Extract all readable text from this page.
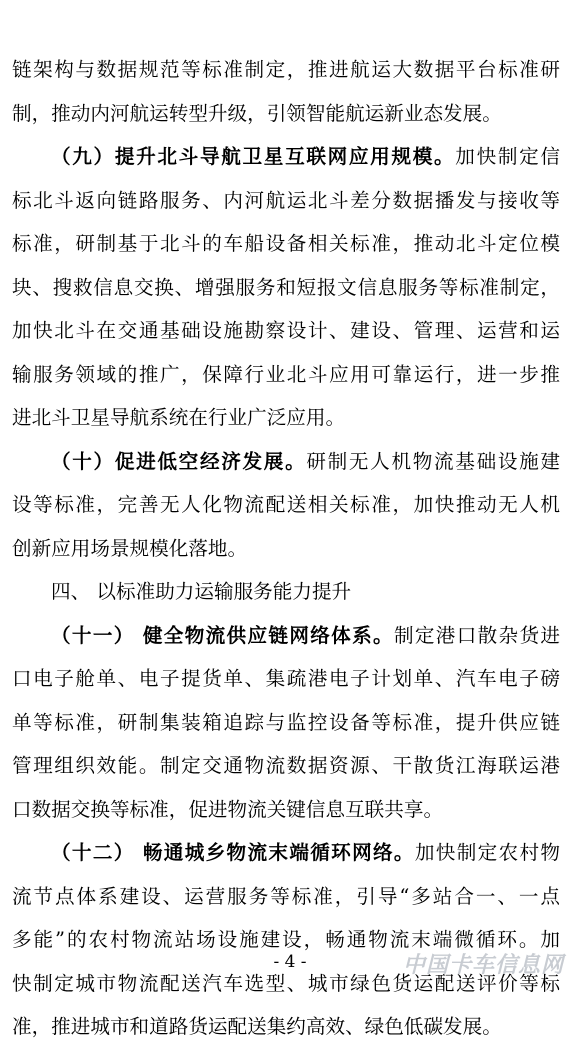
链架构与数据规范等标准制定，推进航运大数据平台标准研
制，推动内河航运转型升级，引领智能航运新业态发展。
（九）提升北斗导航卫星互联网应用规模。加快制定信
标北斗返向链路服务、内河航运北斗差分数据播发与接收等
标准，研制基于北斗的车船设备相关标准，推动北斗定位模
块、搜救信息交换、增强服务和短报文信息服务等标准制定，
加快北斗在交通基础设施勘察设计、建设、管理、运营和运
输服务领域的推广，保障行业北斗应用可靠运行，进一步推
进北斗卫星导航系统在行业广泛应用。
（十）促进低空经济发展。研制无人机物流基础设施建
设等标准，完善无人化物流配送相关标准，加快推动无人机
创新应用场景规模化落地。
四、 以标准助力运输服务能力提升
（十一） 健全物流供应链网络体系。制定港口散杂货进
口电子舱单、电子提货单、集疏港电子计划单、汽车电子磅
单等标准，研制集装箱追踪与监控设备等标准，提升供应链
管理组织效能。制定交通物流数据资源、干散货江海联运港
口数据交换等标准，促进物流关键信息互联共享。
（十二） 畅通城乡物流末端循环网络。加快制定农村物
流节点体系建设、运营服务等标准，引导“多站合一、一点
多能”的农村物流站场设施建设，畅通物流末端微循环。加
快制定城市物流配送汽车选型、城市绿色货运配送评价等标
准，推进城市和道路货运配送集约高效、绿色低碳发展。
- 4 -	中国卡车信息网
